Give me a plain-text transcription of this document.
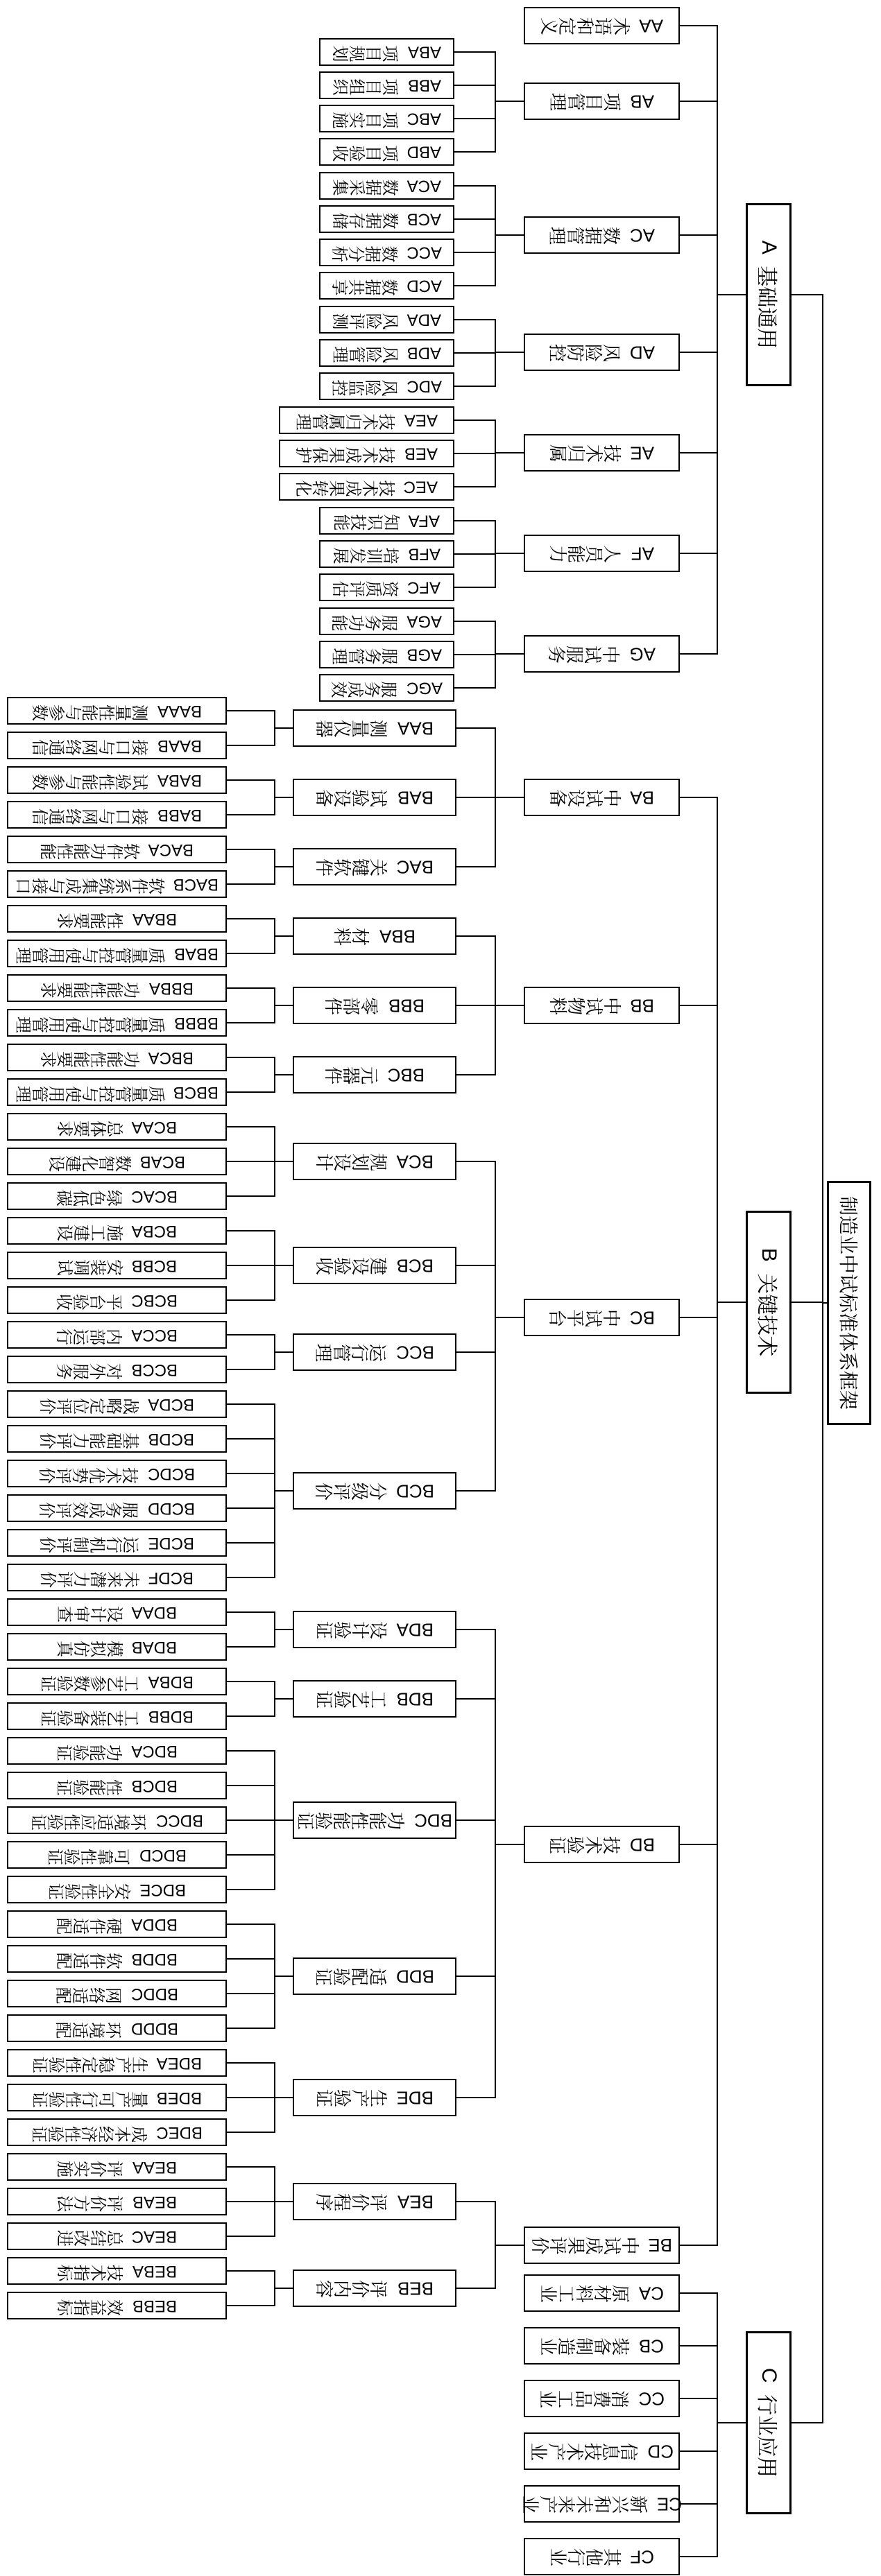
制造业中试标准体系框架
A
基础通用
AA
术语和定义
AB
项目管理
ABA
项目规划
ABB
项目组织
ABC
项目实施
ABD
项目验收
AC
数据管理
ACA
数据采集
ACB
数据存储
ACC
数据分析
ACD
数据共享
AD
风险防控
ADA
风险评测
ADB
风险管理
ADC
风险监控
AE
技术归属
AEA
技术归属管理
AEB
技术成果保护
AEC
技术成果转化
AF
人员能力
AFA
知识技能
AFB
培训发展
AFC
资质评估
AG
中试服务
AGA
服务功能
AGB
服务管理
AGC
服务成效
B
关键技术
BA
中试设备
BAA
测量仪器
BAAA
测量性能与参数
BAAB
接口与网络通信
BAB
试验设备
BABA
试验性能与参数
BABB
接口与网络通信
BAC
关键软件
BACA
软件功能性能
BACB
软件系统集成与接口
BB
中试物料
BBA
材料
BBAA
性能要求
BBAB
质量管控与使用管理
BBB
零部件
BBBA
功能性能要求
BBBB
质量管控与使用管理
BBC
元器件
BBCA
功能性能要求
BBCB
质量管控与使用管理
BC
中试平台
BCA
规划设计
BCAA
总体要求
BCAB
数智化建设
BCAC
绿色低碳
BCB
建设验收
BCBA
施工建设
BCBB
安装调试
BCBC
平台验收
BCC
运行管理
BCCA
内部运行
BCCB
对外服务
BCD
分级评价
BCDA
战略定位评价
BCDB
基础能力评价
BCDC
技术优势评价
BCDD
服务成效评价
BCDE
运行机制评价
BCDF
未来潜力评价
BD
技术验证
BDA
设计验证
BDAA
设计审查
BDAB
模拟仿真
BDB
工艺验证
BDBA
工艺参数验证
BDBB
工艺装备验证
BDC
功能性能验证
BDCA
功能验证
BDCB
性能验证
BDCC
环境适应性验证
BDCD
可靠性验证
BDCE
安全性验证
BDD
适配验证
BDDA
硬件适配
BDDB
软件适配
BDDC
网络适配
BDDD
环境适配
BDE
生产验证
BDEA
生产稳定性验证
BDEB
量产可行性验证
BDEC
成本经济性验证
BE
中试成果评价
BEA
评价程序
BEAA
评价实施
BEAB
评价方法
BEAC
总结改进
BEB
评价内容
BEBA
技术指标
BEBB
效益指标
C
行业应用
CA
原材料工业
CB
装备制造业
CC
消费品工业
CD
信息技术产业
CE
新兴和未来产业
CF
其他行业
